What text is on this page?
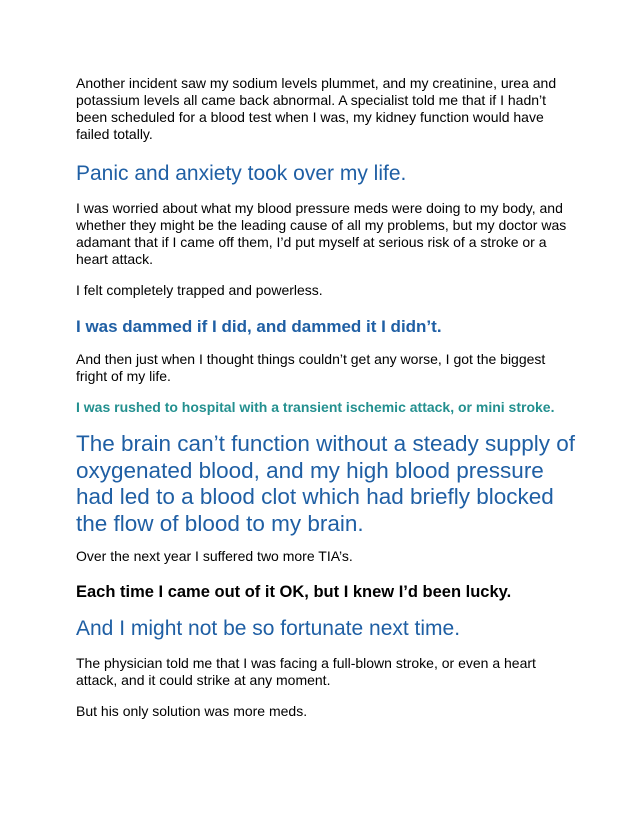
Another incident saw my sodium levels plummet, and my creatinine, urea and potassium levels all came back abnormal. A specialist told me that if I hadn’t been scheduled for a blood test when I was, my kidney function would have failed totally.

Panic and anxiety took over my life.

I was worried about what my blood pressure meds were doing to my body, and whether they might be the leading cause of all my problems, but my doctor was adamant that if I came off them, I’d put myself at serious risk of a stroke or a heart attack.

I felt completely trapped and powerless.

I was dammed if I did, and dammed it I didn’t.

And then just when I thought things couldn’t get any worse, I got the biggest fright of my life.

I was rushed to hospital with a transient ischemic attack, or mini stroke.

The brain can’t function without a steady supply of oxygenated blood, and my high blood pressure had led to a blood clot which had briefly blocked the flow of blood to my brain.

Over the next year I suffered two more TIA’s.

Each time I came out of it OK, but I knew I’d been lucky.

And I might not be so fortunate next time.

The physician told me that I was facing a full-blown stroke, or even a heart attack, and it could strike at any moment.

But his only solution was more meds.
